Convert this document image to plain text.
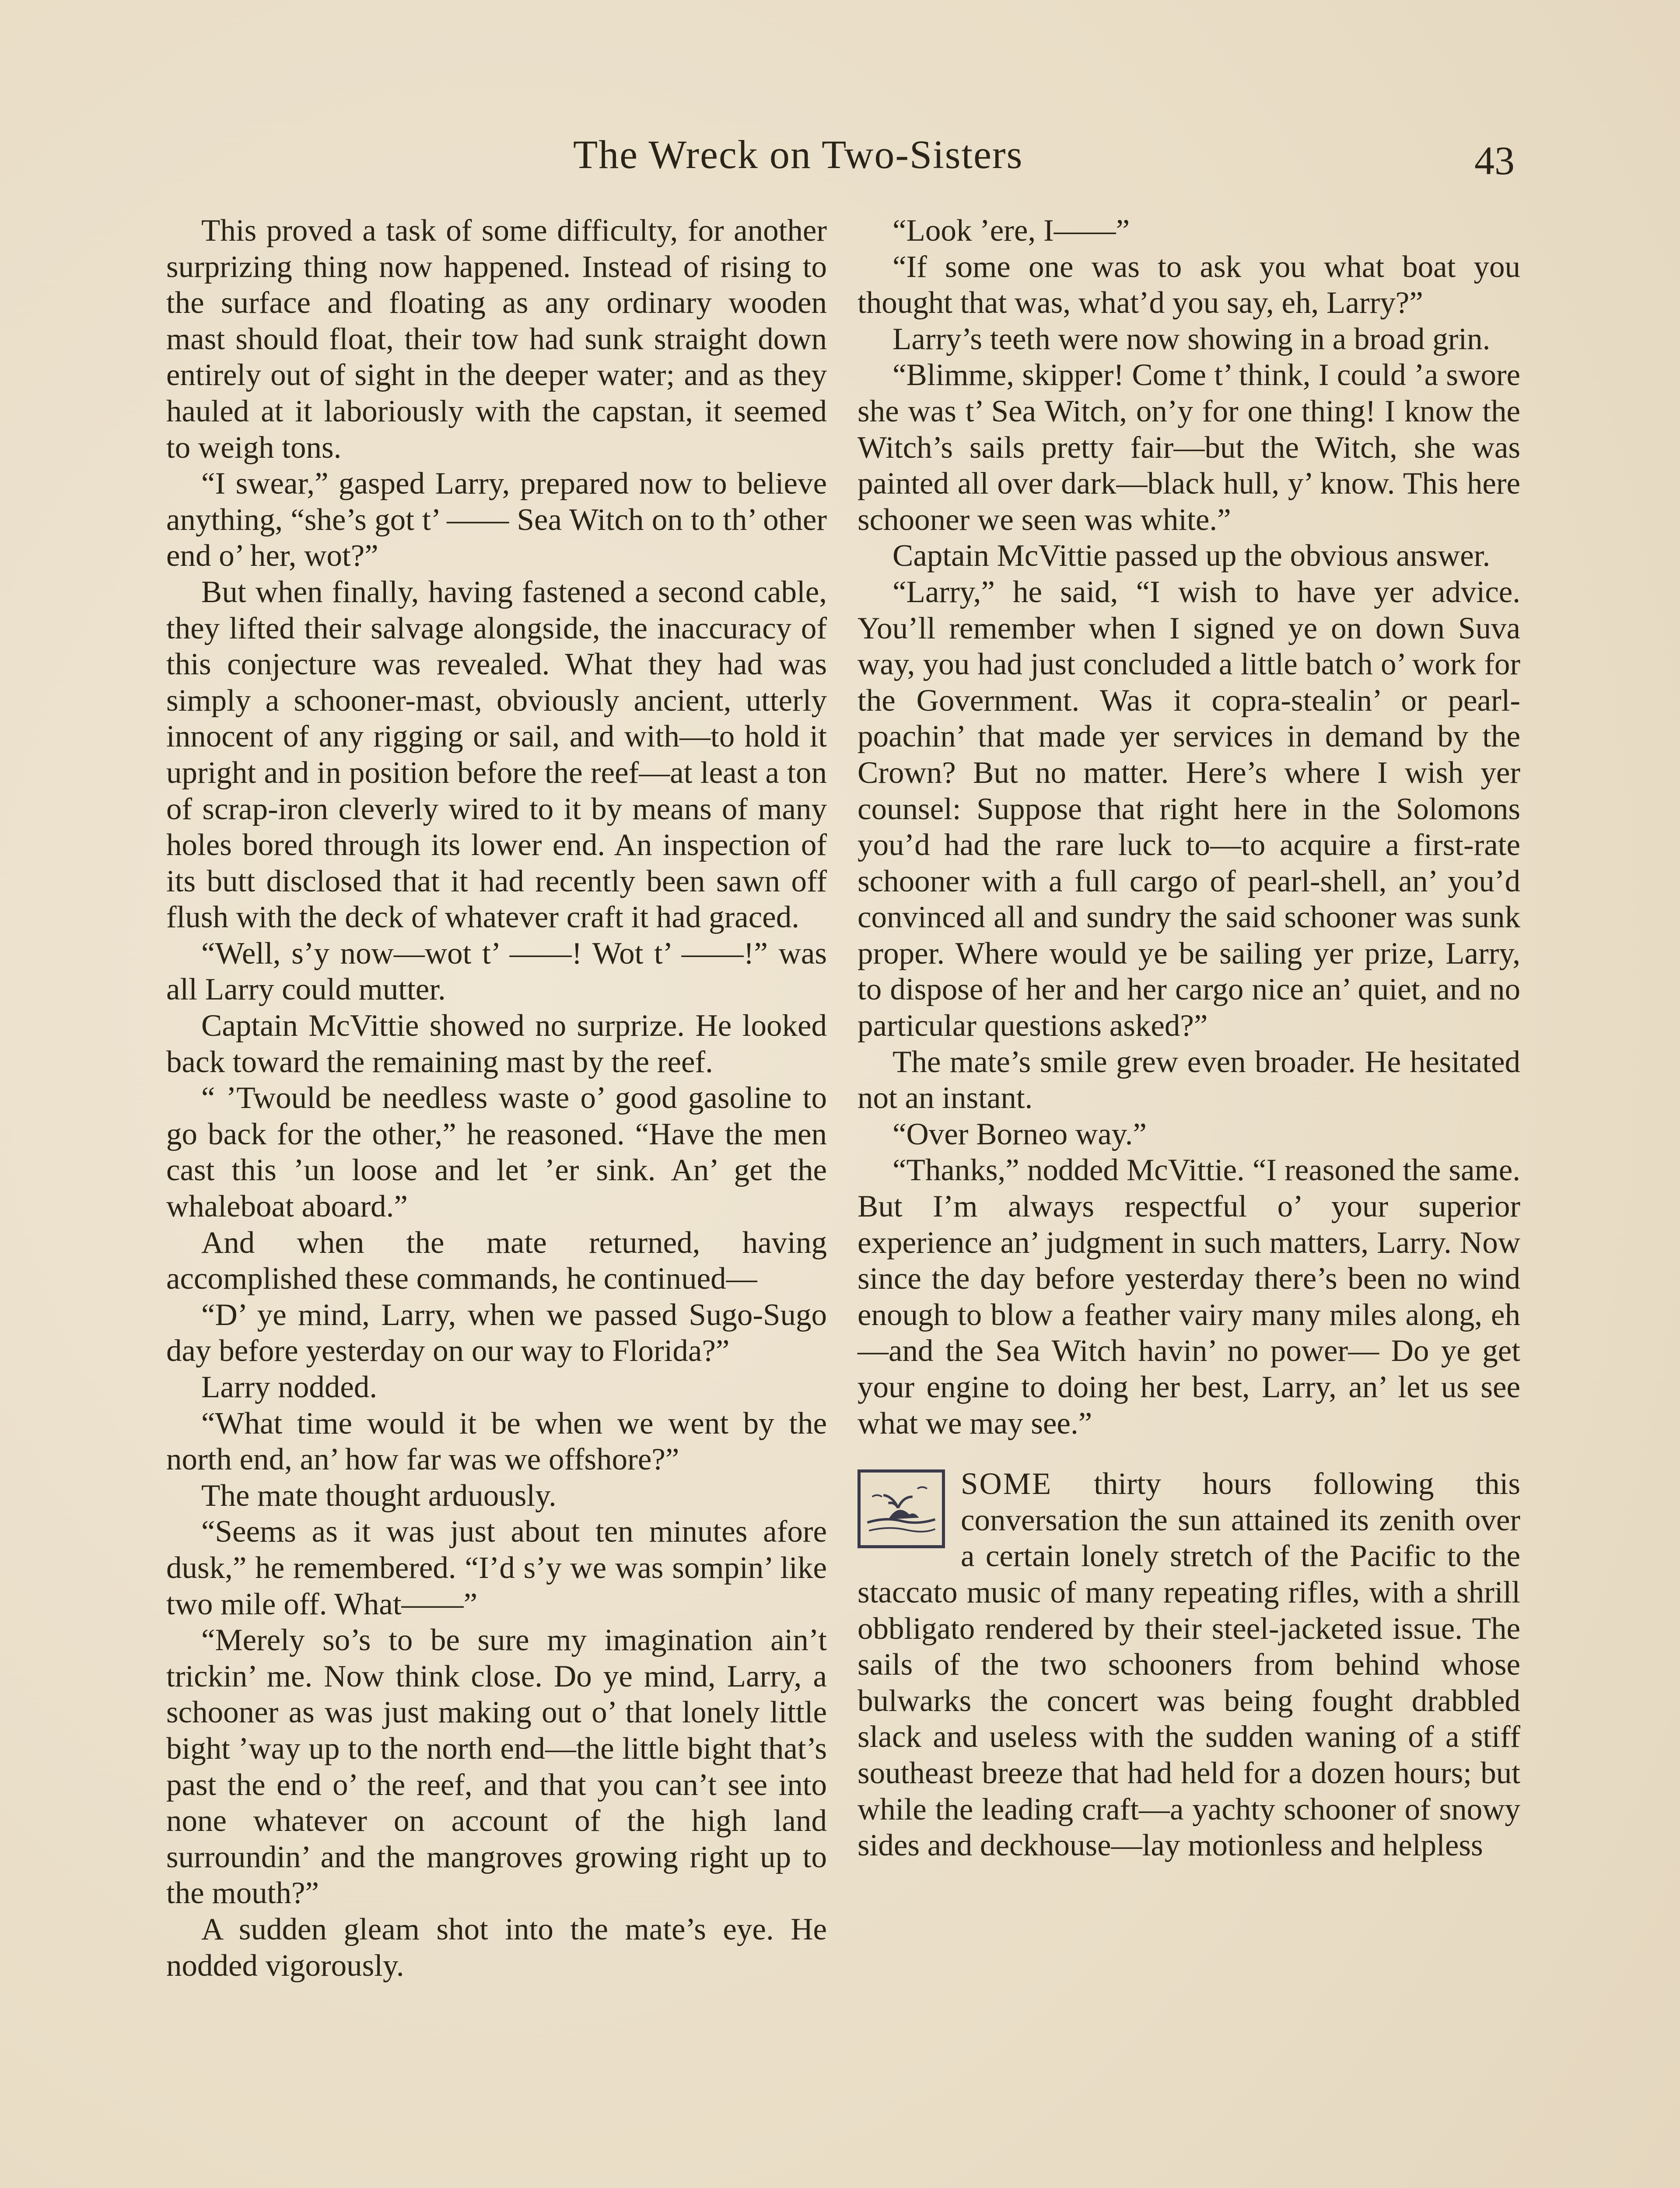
The Wreck on Two-Sisters	43

This proved a task of some difficulty, for another surprizing thing now happened. Instead of rising to the surface and floating as any ordinary wooden mast should float, their tow had sunk straight down entirely out of sight in the deeper water; and as they hauled at it laboriously with the capstan, it seemed to weigh tons.

“I swear,” gasped Larry, prepared now to believe anything, “she’s got t’ —— Sea Witch on to th’ other end o’ her, wot?”

But when finally, having fastened a second cable, they lifted their salvage alongside, the inaccuracy of this conjecture was revealed. What they had was simply a schooner-mast, obviously ancient, utterly innocent of any rigging or sail, and with—to hold it upright and in position before the reef—at least a ton of scrap-iron cleverly wired to it by means of many holes bored through its lower end. An inspection of its butt disclosed that it had recently been sawn off flush with the deck of whatever craft it had graced.

“Well, s’y now—wot t’ ——! Wot t’ ——!” was all Larry could mutter.

Captain McVittie showed no surprize. He looked back toward the remaining mast by the reef.

“ ’Twould be needless waste o’ good gasoline to go back for the other,” he reasoned. “Have the men cast this ’un loose and let ’er sink. An’ get the whaleboat aboard.”

And when the mate returned, having accomplished these commands, he continued—

“D’ ye mind, Larry, when we passed Sugo-Sugo day before yesterday on our way to Florida?”

Larry nodded.

“What time would it be when we went by the north end, an’ how far was we offshore?”

The mate thought arduously.

“Seems as it was just about ten minutes afore dusk,” he remembered. “I’d s’y we was sompin’ like two mile off. What——”

“Merely so’s to be sure my imagination ain’t trickin’ me. Now think close. Do ye mind, Larry, a schooner as was just making out o’ that lonely little bight ’way up to the north end—the little bight that’s past the end o’ the reef, and that you can’t see into none whatever on account of the high land surroundin’ and the mangroves growing right up to the mouth?”

A sudden gleam shot into the mate’s eye. He nodded vigorously.

“Look ’ere, I——”

“If some one was to ask you what boat you thought that was, what’d you say, eh, Larry?”

Larry’s teeth were now showing in a broad grin.

“Blimme, skipper! Come t’ think, I could ’a swore she was t’ Sea Witch, on’y for one thing! I know the Witch’s sails pretty fair—but the Witch, she was painted all over dark—black hull, y’ know. This here schooner we seen was white.”

Captain McVittie passed up the obvious answer.

“Larry,” he said, “I wish to have yer advice. You’ll remember when I signed ye on down Suva way, you had just concluded a little batch o’ work for the Government. Was it copra-stealin’ or pearl-poachin’ that made yer services in demand by the Crown? But no matter. Here’s where I wish yer counsel: Suppose that right here in the Solomons you’d had the rare luck to—to acquire a first-rate schooner with a full cargo of pearl-shell, an’ you’d convinced all and sundry the said schooner was sunk proper. Where would ye be sailing yer prize, Larry, to dispose of her and her cargo nice an’ quiet, and no particular questions asked?”

The mate’s smile grew even broader. He hesitated not an instant.

“Over Borneo way.”

“Thanks,” nodded McVittie. “I reasoned the same. But I’m always respectful o’ your superior experience an’ judgment in such matters, Larry. Now since the day before yesterday there’s been no wind enough to blow a feather vairy many miles along, eh—and the Sea Witch havin’ no power— Do ye get your engine to doing her best, Larry, an’ let us see what we may see.”

SOME thirty hours following this conversation the sun attained its zenith over a certain lonely stretch of the Pacific to the staccato music of many repeating rifles, with a shrill obbligato rendered by their steel-jacketed issue. The sails of the two schooners from behind whose bulwarks the concert was being fought drabbled slack and useless with the sudden waning of a stiff southeast breeze that had held for a dozen hours; but while the leading craft—a yachty schooner of snowy sides and deckhouse—lay motionless and helpless
